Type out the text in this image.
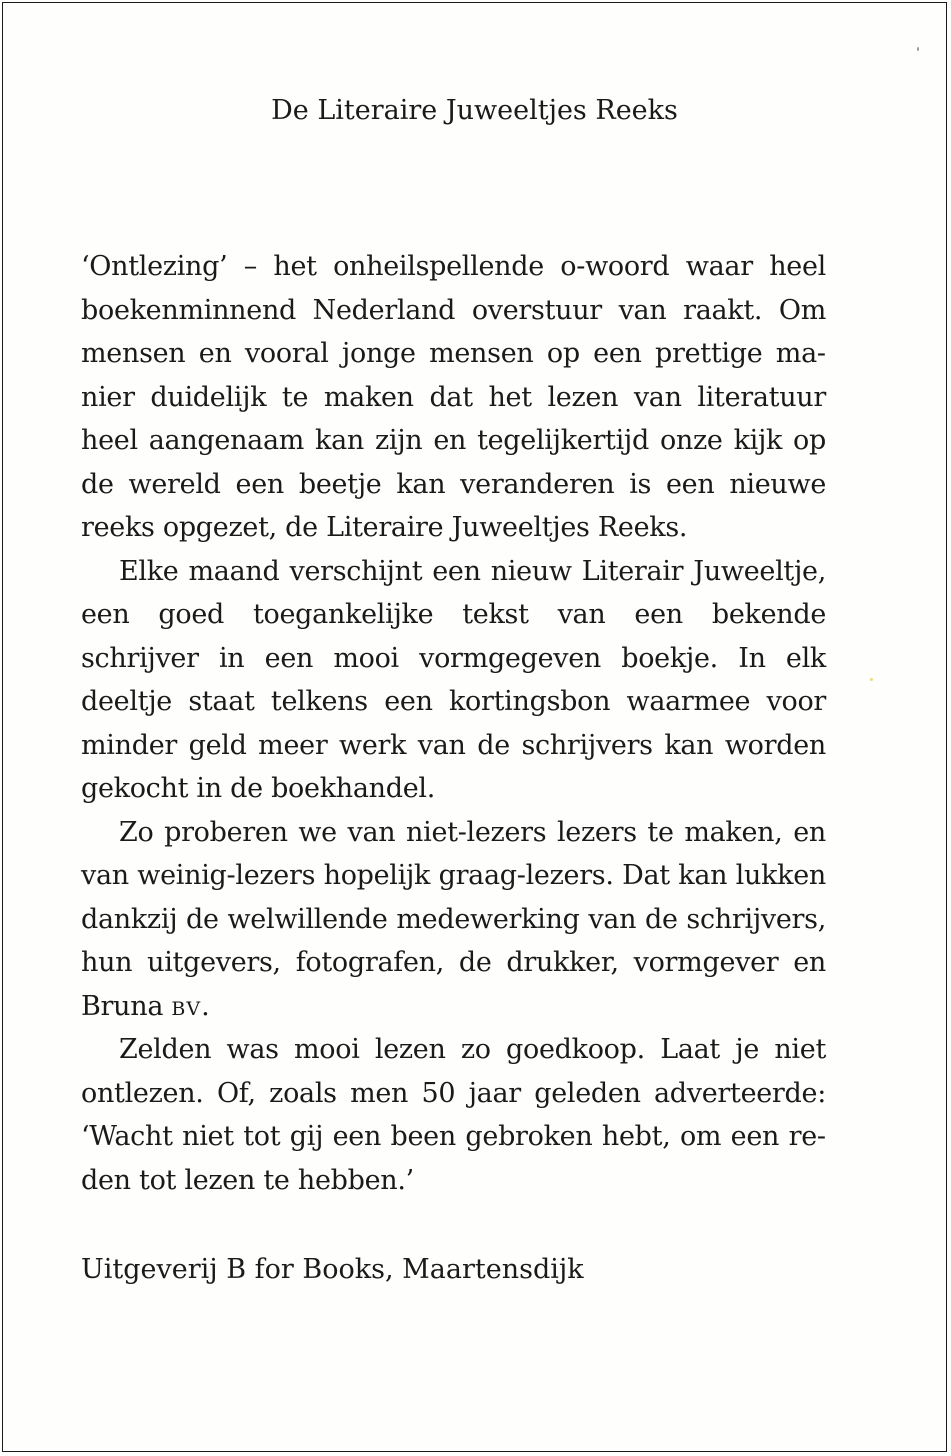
De Literaire Juweeltjes Reeks

‘Ontlezing’ – het onheilspellende o-woord waar heel boekenminnend Nederland overstuur van raakt. Om mensen en vooral jonge mensen op een prettige manier duidelijk te maken dat het lezen van literatuur heel aangenaam kan zijn en tegelijkertijd onze kijk op de wereld een beetje kan veranderen is een nieuwe reeks opgezet, de Literaire Juweeltjes Reeks.

Elke maand verschijnt een nieuw Literair Juweeltje, een goed toegankelijke tekst van een bekende schrijver in een mooi vormgegeven boekje. In elk deeltje staat telkens een kortingsbon waarmee voor minder geld meer werk van de schrijvers kan worden gekocht in de boekhandel.

Zo proberen we van niet-lezers lezers te maken, en van weinig-lezers hopelijk graag-lezers. Dat kan lukken dankzij de welwillende medewerking van de schrijvers, hun uitgevers, fotografen, de drukker, vormgever en Bruna bv.

Zelden was mooi lezen zo goedkoop. Laat je niet ontlezen. Of, zoals men 50 jaar geleden adverteerde: ‘Wacht niet tot gij een been gebroken hebt, om een reden tot lezen te hebben.’

Uitgeverij B for Books, Maartensdijk
